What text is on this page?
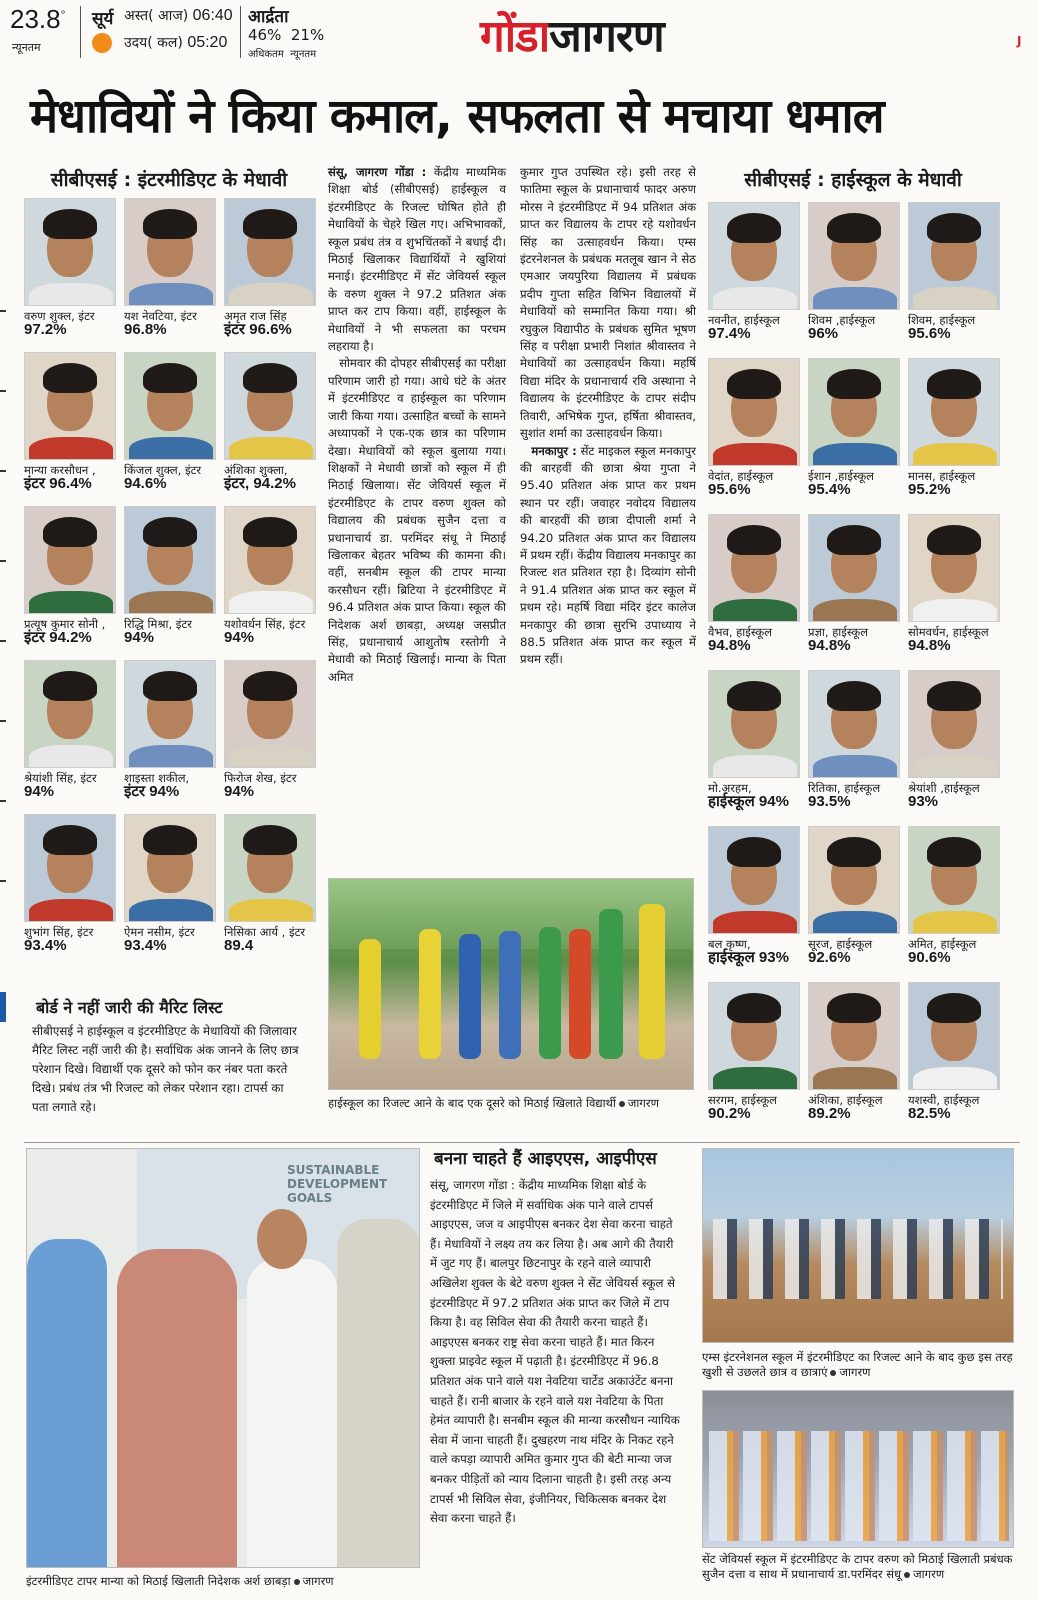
23.8°
न्यूनतम
सूर्य अस्त( आज) 06:40
उदय( कल) 05:20
आर्द्रता
46% 21%
अधिकतम न्यूनतम	गोंडाजागरण	J
मेधावियों ने किया कमाल, सफलता से मचाया धमाल
सीबीएसई : इंटरमीडिएट के मेधावी	सीबीएसई : हाईस्कूल के मेधावी
वरुण शुक्ल, इंटर
97.2%
यश नेवटिया, इंटर
96.8%
अमृत राज सिंह
इंटर 96.6%
मान्या करसौधन ,
इंटर 96.4%
किंजल शुक्ल, इंटर
94.6%
अंशिका शुक्ला,
इंटर, 94.2%
प्रत्यूष कुमार सोनी ,
इंटर 94.2%
रिद्धि मिश्रा, इंटर
94%
यशोवर्धन सिंह, इंटर
94%
श्रेयांशी सिंह, इंटर
94%
शाइस्ता शकील,
इंटर 94%
फिरोज शेख, इंटर
94%
शुभांग सिंह, इंटर
93.4%
ऐमन नसीम, इंटर
93.4%
निसिका आर्य , इंटर
89.4
नवनीत, हाईस्कूल
97.4%
शिवम ,हाईस्कूल
96%
शिवम, हाईस्कूल
95.6%
वेदांत, हाईस्कूल
95.6%
ईशान ,हाईस्कूल
95.4%
मानस, हाईस्कूल
95.2%
वैभव, हाईस्कूल
94.8%
प्रज्ञा, हाईस्कूल
94.8%
सोमवर्धन, हाईस्कूल
94.8%
मो.अरहम,
हाईस्कूल 94%
रितिका, हाईस्कूल
93.5%
श्रेयांशी ,हाईस्कूल
93%
बल कृष्ण,
हाईस्कूल 93%
सूरज, हाईस्कूल
92.6%
अमित, हाईस्कूल
90.6%
सरगम, हाईस्कूल
90.2%
अंशिका, हाईस्कूल
89.2%
यशस्वी, हाईस्कूल
82.5%
संसू, जागरण गोंडा : केंद्रीय माध्यमिक शिक्षा बोर्ड (सीबीएसई) हाईस्कूल व इंटरमीडिएट के रिजल्ट घोषित होते ही मेधावियों के चेहरे खिल गए। अभिभावकों, स्कूल प्रबंध तंत्र व शुभचिंतकों ने बधाई दी। मिठाई खिलाकर विद्यार्थियों ने खुशियां मनाई। इंटरमीडिएट में सेंट जेवियर्स स्कूल के वरुण शुक्ल ने 97.2 प्रतिशत अंक प्राप्त कर टाप किया। वहीं, हाईस्कूल के मेधावियों ने भी सफलता का परचम लहराया है।
सोमवार की दोपहर सीबीएसई का परीक्षा परिणाम जारी हो गया। आधे घंटे के अंतर में इंटरमीडिएट व हाईस्कूल का परिणाम जारी किया गया। उत्साहित बच्चों के सामने अध्यापकों ने एक-एक छात्र का परिणाम देखा। मेधावियों को स्कूल बुलाया गया। शिक्षकों ने मेधावी छात्रों को स्कूल में ही मिठाई खिलाया। सेंट जेवियर्स स्कूल में इंटरमीडिएट के टापर वरुण शुक्ल को विद्यालय की प्रबंधक सुजैन दत्ता व प्रधानाचार्य डा. परमिंदर संधू ने मिठाई खिलाकर बेहतर भविष्य की कामना की। वहीं, सनबीम स्कूल की टापर मान्या करसौधन रहीं। ब्रिटिया ने इंटरमीडिएट में 96.4 प्रतिशत अंक प्राप्त किया। स्कूल की निदेशक अर्श छाबड़ा, अध्यक्ष जसप्रीत सिंह, प्रधानाचार्य आशुतोष रस्तोगी ने मेधावी को मिठाई खिलाई। मान्या के पिता अमित
कुमार गुप्त उपस्थित रहे। इसी तरह से फातिमा स्कूल के प्रधानाचार्य फादर अरुण मोरस ने इंटरमीडिएट में 94 प्रतिशत अंक प्राप्त कर विद्यालय के टापर रहे यशोवर्धन सिंह का उत्साहवर्धन किया। एम्स इंटरनेशनल के प्रबंधक मतलूब खान ने सेठ एमआर जयपुरिया विद्यालय में प्रबंधक प्रदीप गुप्ता सहित विभिन विद्यालयों में मेधावियों को सम्मानित किया गया। श्री रघुकुल विद्यापीठ के प्रबंधक सुमित भूषण सिंह व परीक्षा प्रभारी निशांत श्रीवास्तव ने मेधावियों का उत्साहवर्धन किया। महर्षि विद्या मंदिर के प्रधानाचार्य रवि अस्थाना ने विद्यालय के इंटरमीडिएट के टापर संदीप तिवारी, अभिषेक गुप्त, हर्षिता श्रीवास्तव, सुशांत शर्मा का उत्साहवर्धन किया।
मनकापुर : सेंट माइकल स्कूल मनकापुर की बारहवीं की छात्रा श्रेया गुप्ता ने 95.40 प्रतिशत अंक प्राप्त कर प्रथम स्थान पर रहीं। जवाहर नवोदय विद्यालय की बारहवीं की छात्रा दीपाली शर्मा ने 94.20 प्रतिशत अंक प्राप्त कर विद्यालय में प्रथम रहीं। केंद्रीय विद्यालय मनकापुर का रिजल्ट शत प्रतिशत रहा है। दिव्यांग सोनी ने 91.4 प्रतिशत अंक प्राप्त कर स्कूल में प्रथम रहे। महर्षि विद्या मंदिर इंटर कालेज मनकापुर की छात्रा सुरभि उपाध्याय ने 88.5 प्रतिशत अंक प्राप्त कर स्कूल में प्रथम रहीं।
हाईस्कूल का रिजल्ट आने के बाद एक दूसरे को मिठाई खिलाते विद्यार्थी जागरण
बोर्ड ने नहीं जारी की मैरिट लिस्ट
सीबीएसई ने हाईस्कूल व इंटरमीडिएट के मेधावियों की जिलावार मैरिट लिस्ट नहीं जारी की है। सर्वाधिक अंक जानने के लिए छात्र परेशान दिखे। विद्यार्थी एक दूसरे को फोन कर नंबर पता करते दिखे। प्रबंध तंत्र भी रिजल्ट को लेकर परेशान रहा। टापर्स का पता लगाते रहे।
SUSTAINABLE DEVELOPMENT GOALS
इंटरमीडिएट टापर मान्या को मिठाई खिलाती निदेशक अर्श छाबड़ा जागरण
बनना चाहते हैं आइएएस, आइपीएस
संसू, जागरण गोंडा : केंद्रीय माध्यमिक शिक्षा बोर्ड के इंटरमीडिएट में जिले में सर्वाधिक अंक पाने वाले टापर्स आइएएस, जज व आइपीएस बनकर देश सेवा करना चाहते हैं। मेधावियों ने लक्ष्य तय कर लिया है। अब आगे की तैयारी में जुट गए हैं। बालपुर छिटनापुर के रहने वाले व्यापारी अखिलेश शुक्ल के बेटे वरुण शुक्ल ने सेंट जेवियर्स स्कूल से इंटरमीडिएट में 97.2 प्रतिशत अंक प्राप्त कर जिले में टाप किया है। वह सिविल सेवा की तैयारी करना चाहते हैं। आइएएस बनकर राष्ट्र सेवा करना चाहते हैं। मात किरन शुक्ला प्राइवेट स्कूल में पढ़ाती है। इंटरमीडिएट में 96.8 प्रतिशत अंक पाने वाले यश नेवटिया चार्टेड अकाउंटेंट बनना चाहते हैं। रानी बाजार के रहने वाले यश नेवटिया के पिता हेमंत व्यापारी है। सनबीम स्कूल की मान्या करसौधन न्यायिक सेवा में जाना चाहती हैं। दुखहरण नाथ मंदिर के निकट रहने वाले कपड़ा व्यापारी अमित कुमार गुप्त की बेटी मान्या जज बनकर पीड़ितों को न्याय दिलाना चाहती है। इसी तरह अन्य टापर्स भी सिविल सेवा, इंजीनियर, चिकित्सक बनकर देश सेवा करना चाहते हैं।
एम्स इंटरनेशनल स्कूल में इंटरमीडिएट का रिजल्ट आने के बाद कुछ इस तरह खुशी से उछलते छात्र व छात्राएं जागरण
सेंट जेवियर्स स्कूल में इंटरमीडिएट के टापर वरुण को मिठाई खिलाती प्रबंधक सुजैन दत्ता व साथ में प्रधानाचार्य डा.परमिंदर संधू जागरण
